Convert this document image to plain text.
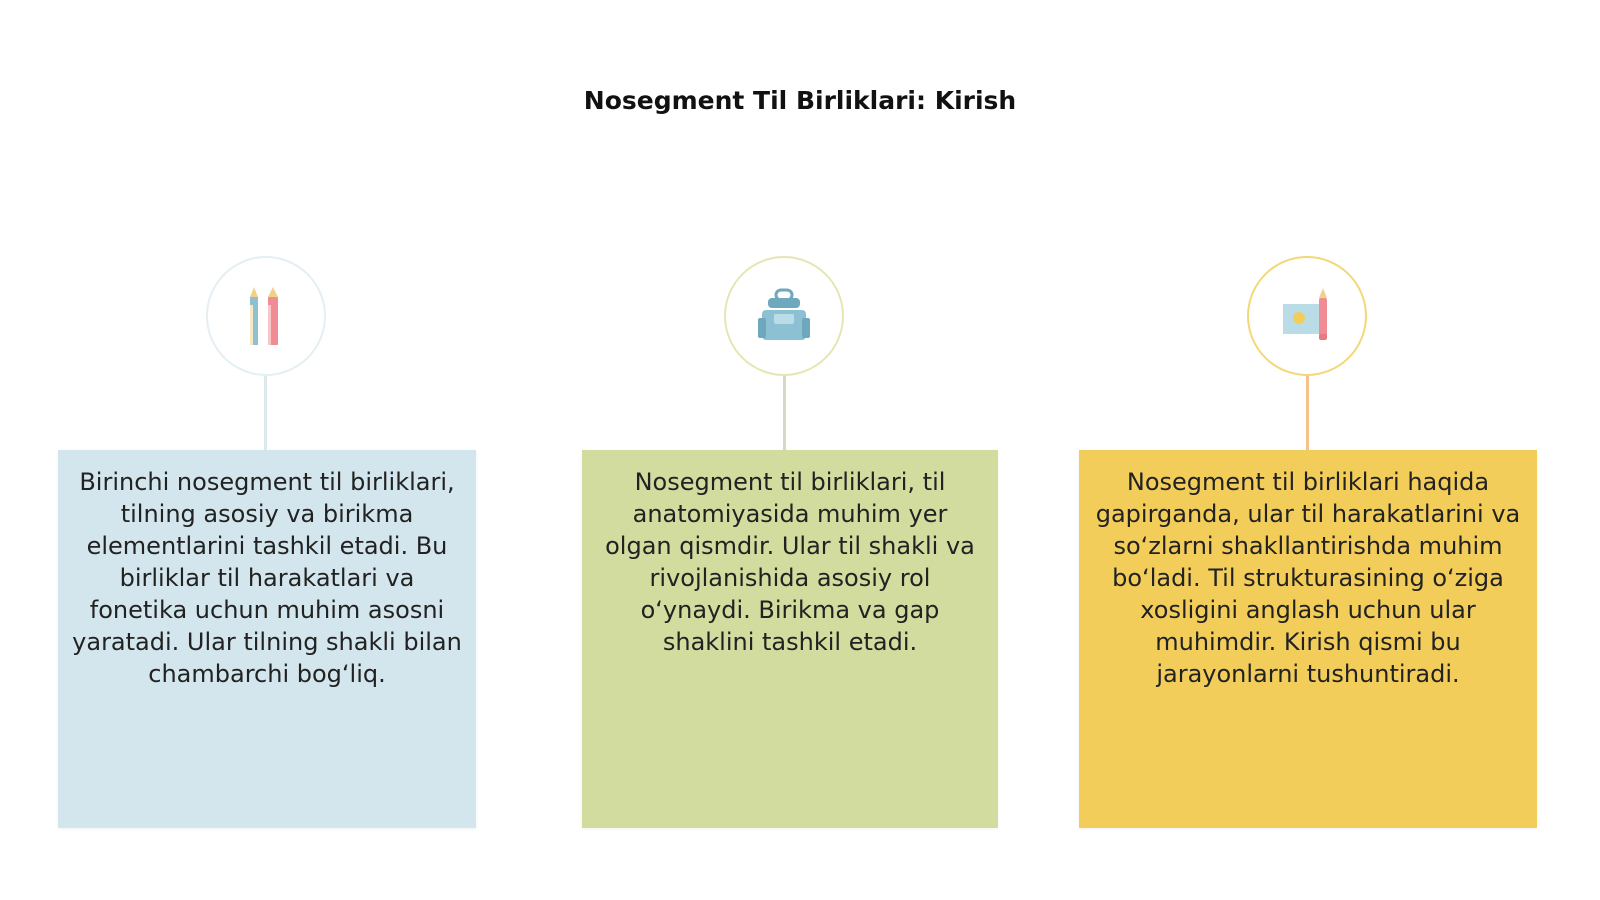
Nosegment Til Birliklari: Kirish
Birinchi nosegment til birliklari, tilning asosiy va birikma elementlarini tashkil etadi. Bu birliklar til harakatlari va fonetika uchun muhim asosni yaratadi. Ular tilning shakli bilan chambarchi bog‘liq.
Nosegment til birliklari, til anatomiyasida muhim yer olgan qismdir. Ular til shakli va rivojlanishida asosiy rol o‘ynaydi. Birikma va gap shaklini tashkil etadi.
Nosegment til birliklari haqida gapirganda, ular til harakatlarini va so‘zlarni shakllantirishda muhim bo‘ladi. Til strukturasining o‘ziga xosligini anglash uchun ular muhimdir. Kirish qismi bu jarayonlarni tushuntiradi.
